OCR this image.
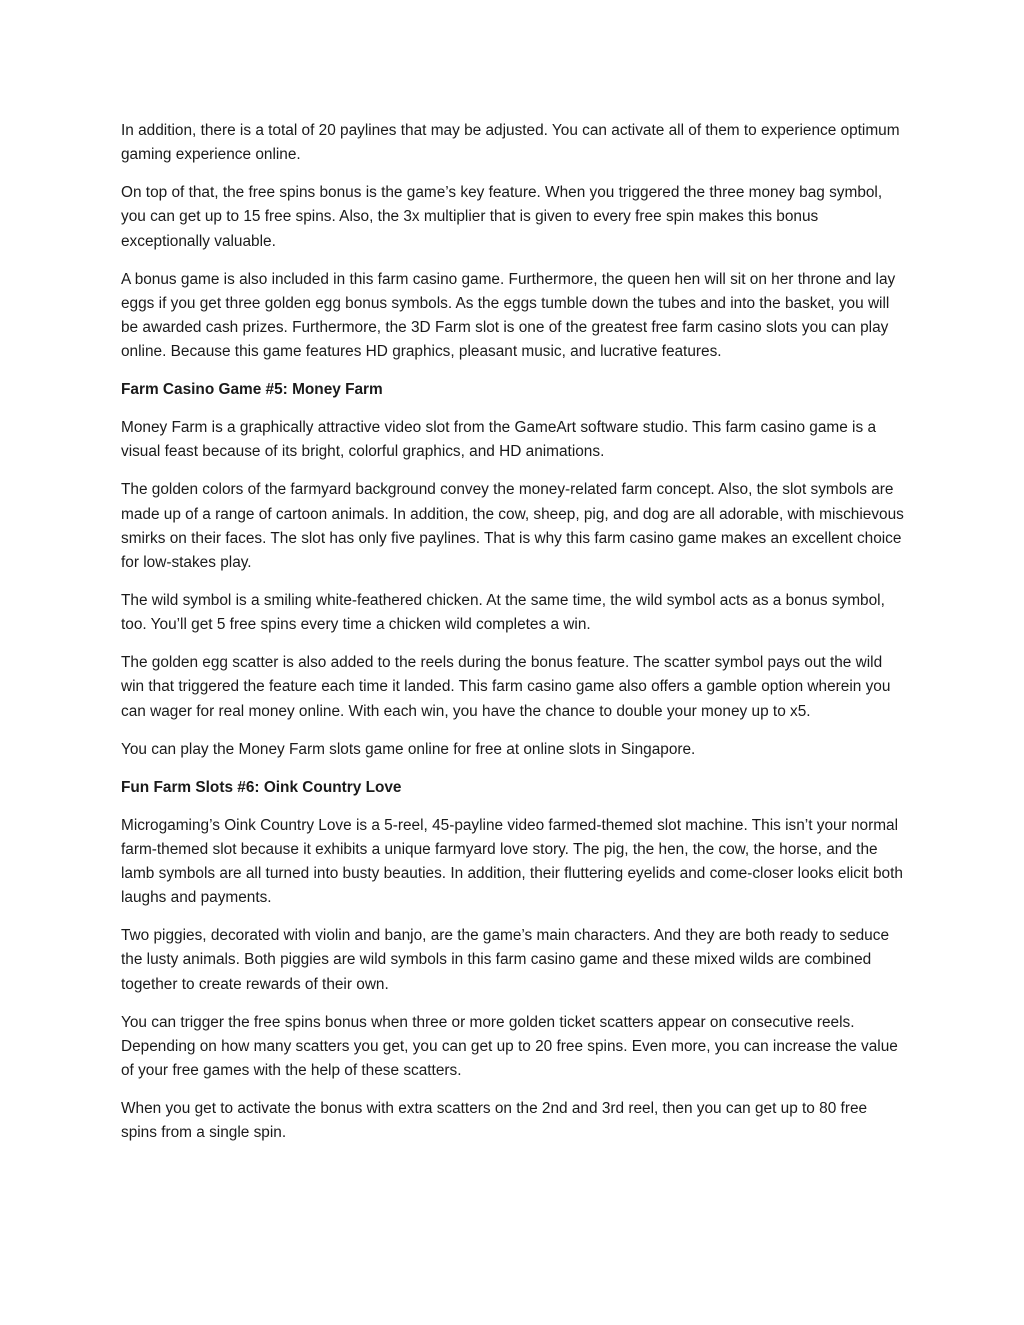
In addition, there is a total of 20 paylines that may be adjusted. You can activate all of them to experience optimum gaming experience online.

On top of that, the free spins bonus is the game’s key feature. When you triggered the three money bag symbol, you can get up to 15 free spins. Also, the 3x multiplier that is given to every free spin makes this bonus exceptionally valuable.

A bonus game is also included in this farm casino game. Furthermore, the queen hen will sit on her throne and lay eggs if you get three golden egg bonus symbols. As the eggs tumble down the tubes and into the basket, you will be awarded cash prizes. Furthermore, the 3D Farm slot is one of the greatest free farm casino slots you can play online. Because this game features HD graphics, pleasant music, and lucrative features.

Farm Casino Game #5: Money Farm

Money Farm is a graphically attractive video slot from the GameArt software studio. This farm casino game is a visual feast because of its bright, colorful graphics, and HD animations.

The golden colors of the farmyard background convey the money-related farm concept. Also, the slot symbols are made up of a range of cartoon animals. In addition, the cow, sheep, pig, and dog are all adorable, with mischievous smirks on their faces. The slot has only five paylines. That is why this farm casino game makes an excellent choice for low-stakes play.

The wild symbol is a smiling white-feathered chicken. At the same time, the wild symbol acts as a bonus symbol, too. You’ll get 5 free spins every time a chicken wild completes a win.

The golden egg scatter is also added to the reels during the bonus feature. The scatter symbol pays out the wild win that triggered the feature each time it landed. This farm casino game also offers a gamble option wherein you can wager for real money online. With each win, you have the chance to double your money up to x5.

You can play the Money Farm slots game online for free at online slots in Singapore.

Fun Farm Slots #6: Oink Country Love

Microgaming’s Oink Country Love is a 5-reel, 45-payline video farmed-themed slot machine. This isn’t your normal farm-themed slot because it exhibits a unique farmyard love story. The pig, the hen, the cow, the horse, and the lamb symbols are all turned into busty beauties. In addition, their fluttering eyelids and come-closer looks elicit both laughs and payments.

Two piggies, decorated with violin and banjo, are the game’s main characters. And they are both ready to seduce the lusty animals. Both piggies are wild symbols in this farm casino game and these mixed wilds are combined together to create rewards of their own.

You can trigger the free spins bonus when three or more golden ticket scatters appear on consecutive reels. Depending on how many scatters you get, you can get up to 20 free spins. Even more, you can increase the value of your free games with the help of these scatters.

When you get to activate the bonus with extra scatters on the 2nd and 3rd reel, then you can get up to 80 free spins from a single spin.
